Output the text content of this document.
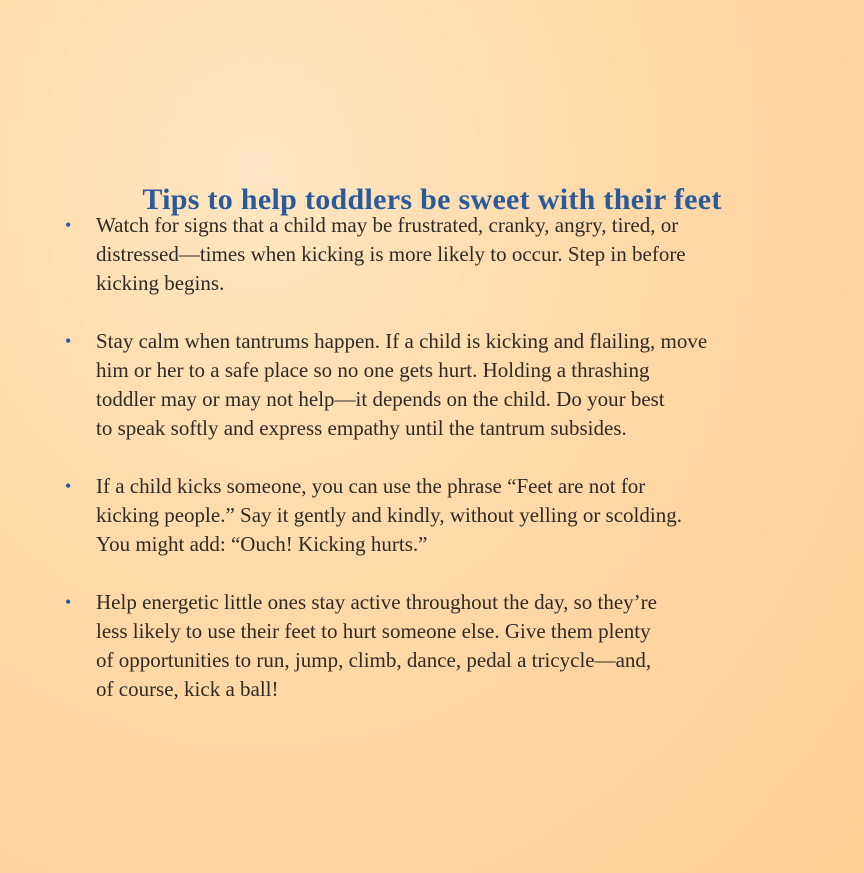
Tips to help toddlers be sweet with their feet
• Watch for signs that a child may be frustrated, cranky, angry, tired, or
distressed—times when kicking is more likely to occur. Step in before
kicking begins.
• Stay calm when tantrums happen. If a child is kicking and flailing, move
him or her to a safe place so no one gets hurt. Holding a thrashing
toddler may or may not help—it depends on the child. Do your best
to speak softly and express empathy until the tantrum subsides.
• If a child kicks someone, you can use the phrase “Feet are not for
kicking people.” Say it gently and kindly, without yelling or scolding.
You might add: “Ouch! Kicking hurts.”
• Help energetic little ones stay active throughout the day, so they’re
less likely to use their feet to hurt someone else. Give them plenty
of opportunities to run, jump, climb, dance, pedal a tricycle—and,
of course, kick a ball!
